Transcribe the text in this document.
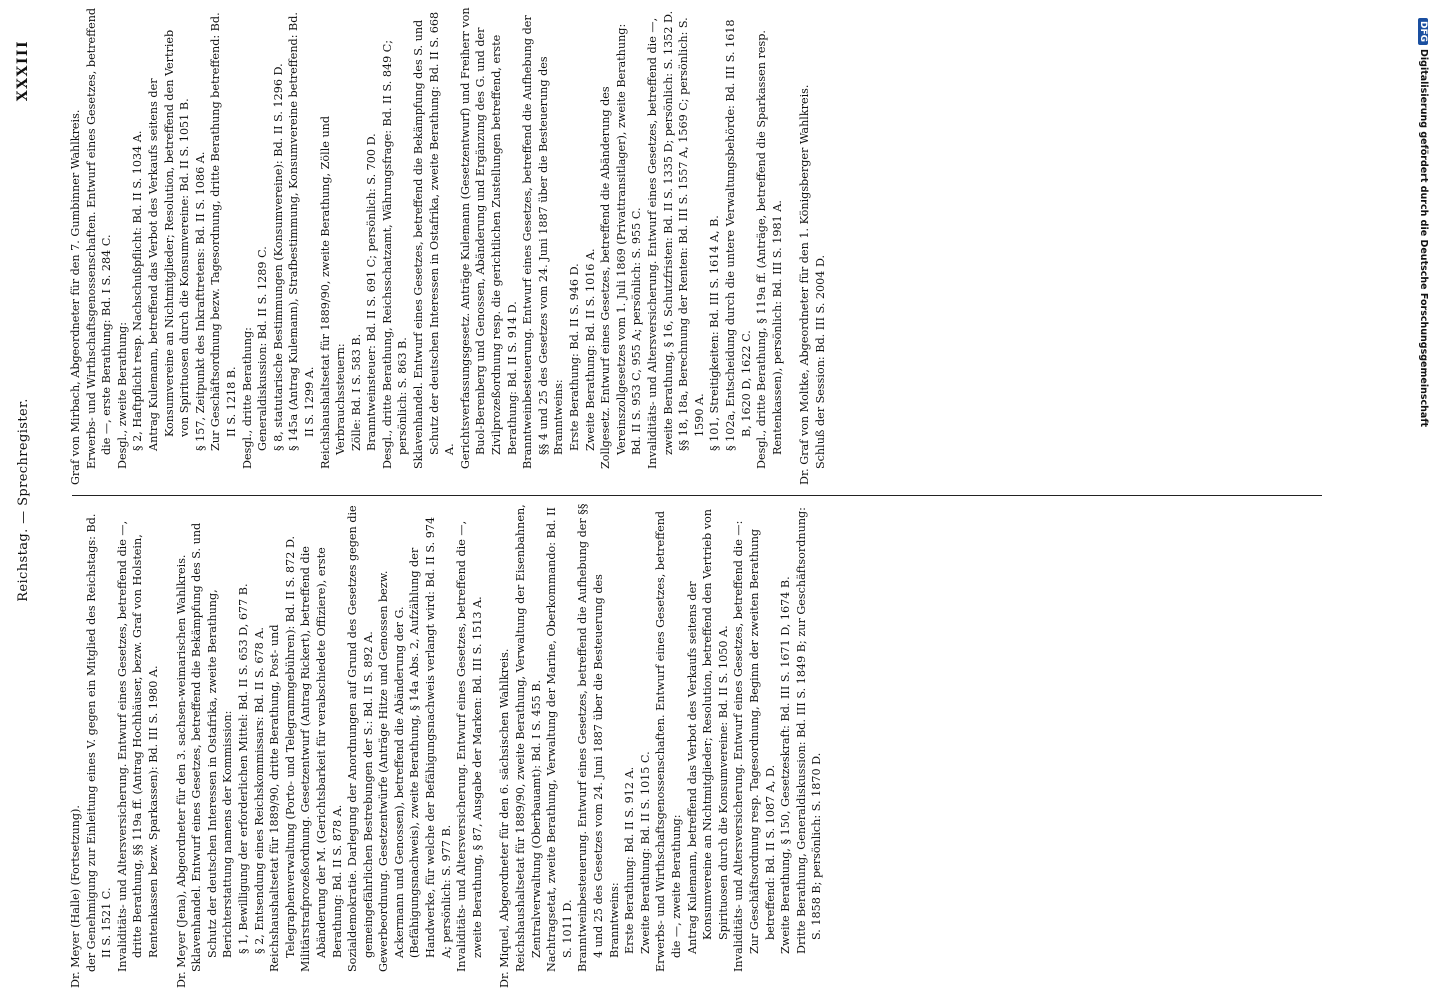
Reichstag. — Sprechregister.
XXXIII

Dr. Meyer (Halle) (Fortsetzung). der Genehmigung zur Einleitung eines V. gegen ein Mitglied des Reichstags: Bd. II S. 1521 C. Invaliditäts- und Altersversicherung. Entwurf eines Gesetzes, betreffend die —, dritte Berathung, §§ 119a ff. (Antrag Hochhäuser, bezw. Graf von Holstein, Rentenkassen bezw. Sparkassen): Bd. III S. 1980 A. Dr. Meyer (Jena), Abgeordneter für den 3. sachsen-weimarischen Wahlkreis. Sklavenhandel. Entwurf eines Gesetzes, betreffend die Bekämpfung des S. und Schutz der deutschen Interessen in Ostafrika, zweite Berathung, Berichterstattung namens der Kommission: § 1, Bewilligung der erforderlichen Mittel: Bd. II S. 653 D, 677 B. § 2, Entsendung eines Reichskommissars: Bd. II S. 678 A. Reichshaushaltsetat für 1889/90, dritte Berathung, Post- und Telegraphenverwaltung (Porto- und Telegrammgebühren): Bd. II S. 872 D. Militärstrafprozeßordnung. Gesetzentwurf (Antrag Rickert), betreffend die Abänderung der M. (Gerichtsbarkeit für verabschiedete Offiziere), erste Berathung: Bd. II S. 878 A. Sozialdemokratie. Darlegung der Anordnungen auf Grund des Gesetzes gegen die gemeingefährlichen Bestrebungen der S.: Bd. II S. 892 A. Gewerbeordnung. Gesetzentwürfe (Anträge Hitze und Genossen bezw. Ackermann und Genossen), betreffend die Abänderung der G. (Befähigungsnachweis), zweite Berathung, § 14a Abs. 2, Aufzählung der Handwerke, für welche der Befähigungsnachweis verlangt wird: Bd. II S. 974 A; persönlich: S. 977 B. Invaliditäts- und Altersversicherung. Entwurf eines Gesetzes, betreffend die —, zweite Berathung, § 87, Ausgabe der Marken: Bd. III S. 1513 A. Dr. Miquel, Abgeordneter für den 6. sächsischen Wahlkreis. Reichshaushaltsetat für 1889/90, zweite Berathung, Verwaltung der Eisenbahnen, Zentralverwaltung (Oberbauamt): Bd. I S. 455 B. Nachtragsetat, zweite Berathung, Verwaltung der Marine, Oberkommando: Bd. II S. 1011 D. Branntweinbesteuerung. Entwurf eines Gesetzes, betreffend die Aufhebung der §§ 4 und 25 des Gesetzes vom 24. Juni 1887 über die Besteuerung des Branntweins: Erste Berathung: Bd. II S. 912 A. Zweite Berathung: Bd. II S. 1015 C. Erwerbs- und Wirthschaftsgenossenschaften. Entwurf eines Gesetzes, betreffend die —, zweite Berathung: Antrag Kulemann, betreffend das Verbot des Verkaufs seitens der Konsumvereine an Nichtmitglieder; Resolution, betreffend den Vertrieb von Spirituosen durch die Konsumvereine: Bd. II S. 1050 A. Invaliditäts- und Altersversicherung. Entwurf eines Gesetzes, betreffend die —: Zur Geschäftsordnung resp. Tagesordnung, Beginn der zweiten Berathung betreffend: Bd. II S. 1087 A, D. Zweite Berathung, § 150, Gesetzeskraft: Bd. III S. 1671 D, 1674 B. Dritte Berathung, Generaldiskussion: Bd. III S. 1849 B; zur Geschäftsordnung: S. 1858 B; persönlich: S. 1870 D.

Graf von Mirbach, Abgeordneter für den 7. Gumbinner Wahlkreis. Erwerbs- und Wirthschaftsgenossenschaften. Entwurf eines Gesetzes, betreffend die —, erste Berathung: Bd. I S. 284 C. Desgl., zweite Berathung: § 2, Haftpflicht resp. Nachschußpflicht: Bd. II S. 1034 A. Antrag Kulemann, betreffend das Verbot des Verkaufs seitens der Konsumvereine an Nichtmitglieder; Resolution, betreffend den Vertrieb von Spirituosen durch die Konsumvereine: Bd. II S. 1051 B. § 157, Zeitpunkt des Inkrafttretens: Bd. II S. 1086 A. Zur Geschäftsordnung bezw. Tagesordnung, dritte Berathung betreffend: Bd. II S. 1218 B. Desgl., dritte Berathung: Generaldiskussion: Bd. II S. 1289 C. § 8, statutarische Bestimmungen (Konsumvereine): Bd. II S. 1296 D. § 145a (Antrag Kulemann), Strafbestimmung, Konsumvereine betreffend: Bd. II S. 1299 A. Reichshaushaltsetat für 1889/90, zweite Berathung, Zölle und Verbrauchssteuern: Zölle: Bd. I S. 583 B. Branntweinsteuer: Bd. II S. 691 C; persönlich: S. 700 D. Desgl., dritte Berathung, Reichsschatzamt, Währungsfrage: Bd. II S. 849 C; persönlich: S. 863 B. Sklavenhandel. Entwurf eines Gesetzes, betreffend die Bekämpfung des S. und Schutz der deutschen Interessen in Ostafrika, zweite Berathung: Bd. II S. 668 A. Gerichtsverfassungsgesetz. Anträge Kulemann (Gesetzentwurf) und Freiherr von Buol-Berenberg und Genossen, Abänderung und Ergänzung des G. und der Zivilprozeßordnung resp. die gerichtlichen Zustellungen betreffend, erste Berathung: Bd. II S. 914 D. Branntweinbesteuerung. Entwurf eines Gesetzes, betreffend die Aufhebung der §§ 4 und 25 des Gesetzes vom 24. Juni 1887 über die Besteuerung des Branntweins: Erste Berathung: Bd. II S. 946 D. Zweite Berathung: Bd. II S. 1016 A. Zollgesetz. Entwurf eines Gesetzes, betreffend die Abänderung des Vereinszollgesetzes vom 1. Juli 1869 (Privattransitlager), zweite Berathung: Bd. II S. 953 C, 955 A; persönlich: S. 955 C. Invaliditäts- und Altersversicherung. Entwurf eines Gesetzes, betreffend die —, zweite Berathung, § 16, Schutzfristen: Bd. II S. 1335 D; persönlich: S. 1352 D. §§ 18, 18a, Berechnung der Renten: Bd. III S. 1557 A, 1569 C; persönlich: S. 1590 A. § 101, Streitigkeiten: Bd. III S. 1614 A, B. § 102a, Entscheidung durch die untere Verwaltungsbehörde: Bd. III S. 1618 B, 1620 D, 1622 C. Desgl., dritte Berathung, § 119a ff. (Anträge, betreffend die Sparkassen resp. Rentenkassen), persönlich: Bd. III S. 1981 A. Dr. Graf von Moltke, Abgeordneter für den 1. Königsberger Wahlkreis. Schluß der Session: Bd. III S. 2004 D.

DFGDigitalisierung gefördert durch die Deutsche Forschungsgemeinschaft
